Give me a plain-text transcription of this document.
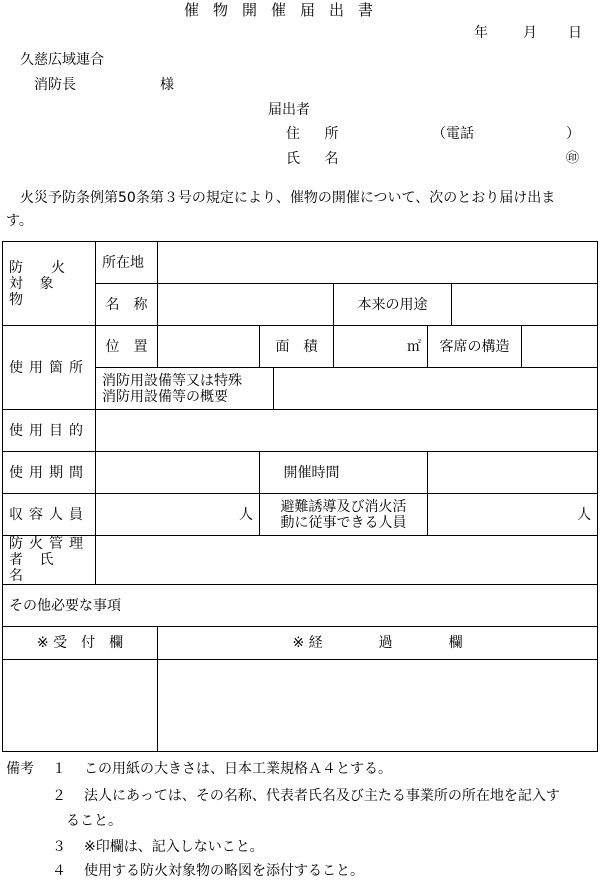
催物開催届出書
年	月 日
久慈広域連合
消防長	様
届出者
住 所	（電話	）
氏 名	㊞
　火災予防条例第50条第３号の規定により、催物の開催について、次のとおり届け出ま
す。
防　　火
対 象 物	所在地							
	名　称				本来の用途			
使用箇所	位　置		面　積		㎡	客席の構造		

	消防用設備等又は特殊
消防用設備等の概要							

使用目的								
使用期間			開催時間					
収容人員	人		避難誘導及び消火活
動に従事できる人員			人		

防火管理
者 氏 名								

その他必要な事項								
※ 受　付　欄		※ 経　　　　過　　　　欄						

備考 １ この用紙の大きさは、日本工業規格Ａ４とする。
２ 法人にあっては、その名称、代表者氏名及び主たる事業所の所在地を記入す
ること。
３ ※印欄は、記入しないこと。
４ 使用する防火対象物の略図を添付すること。
